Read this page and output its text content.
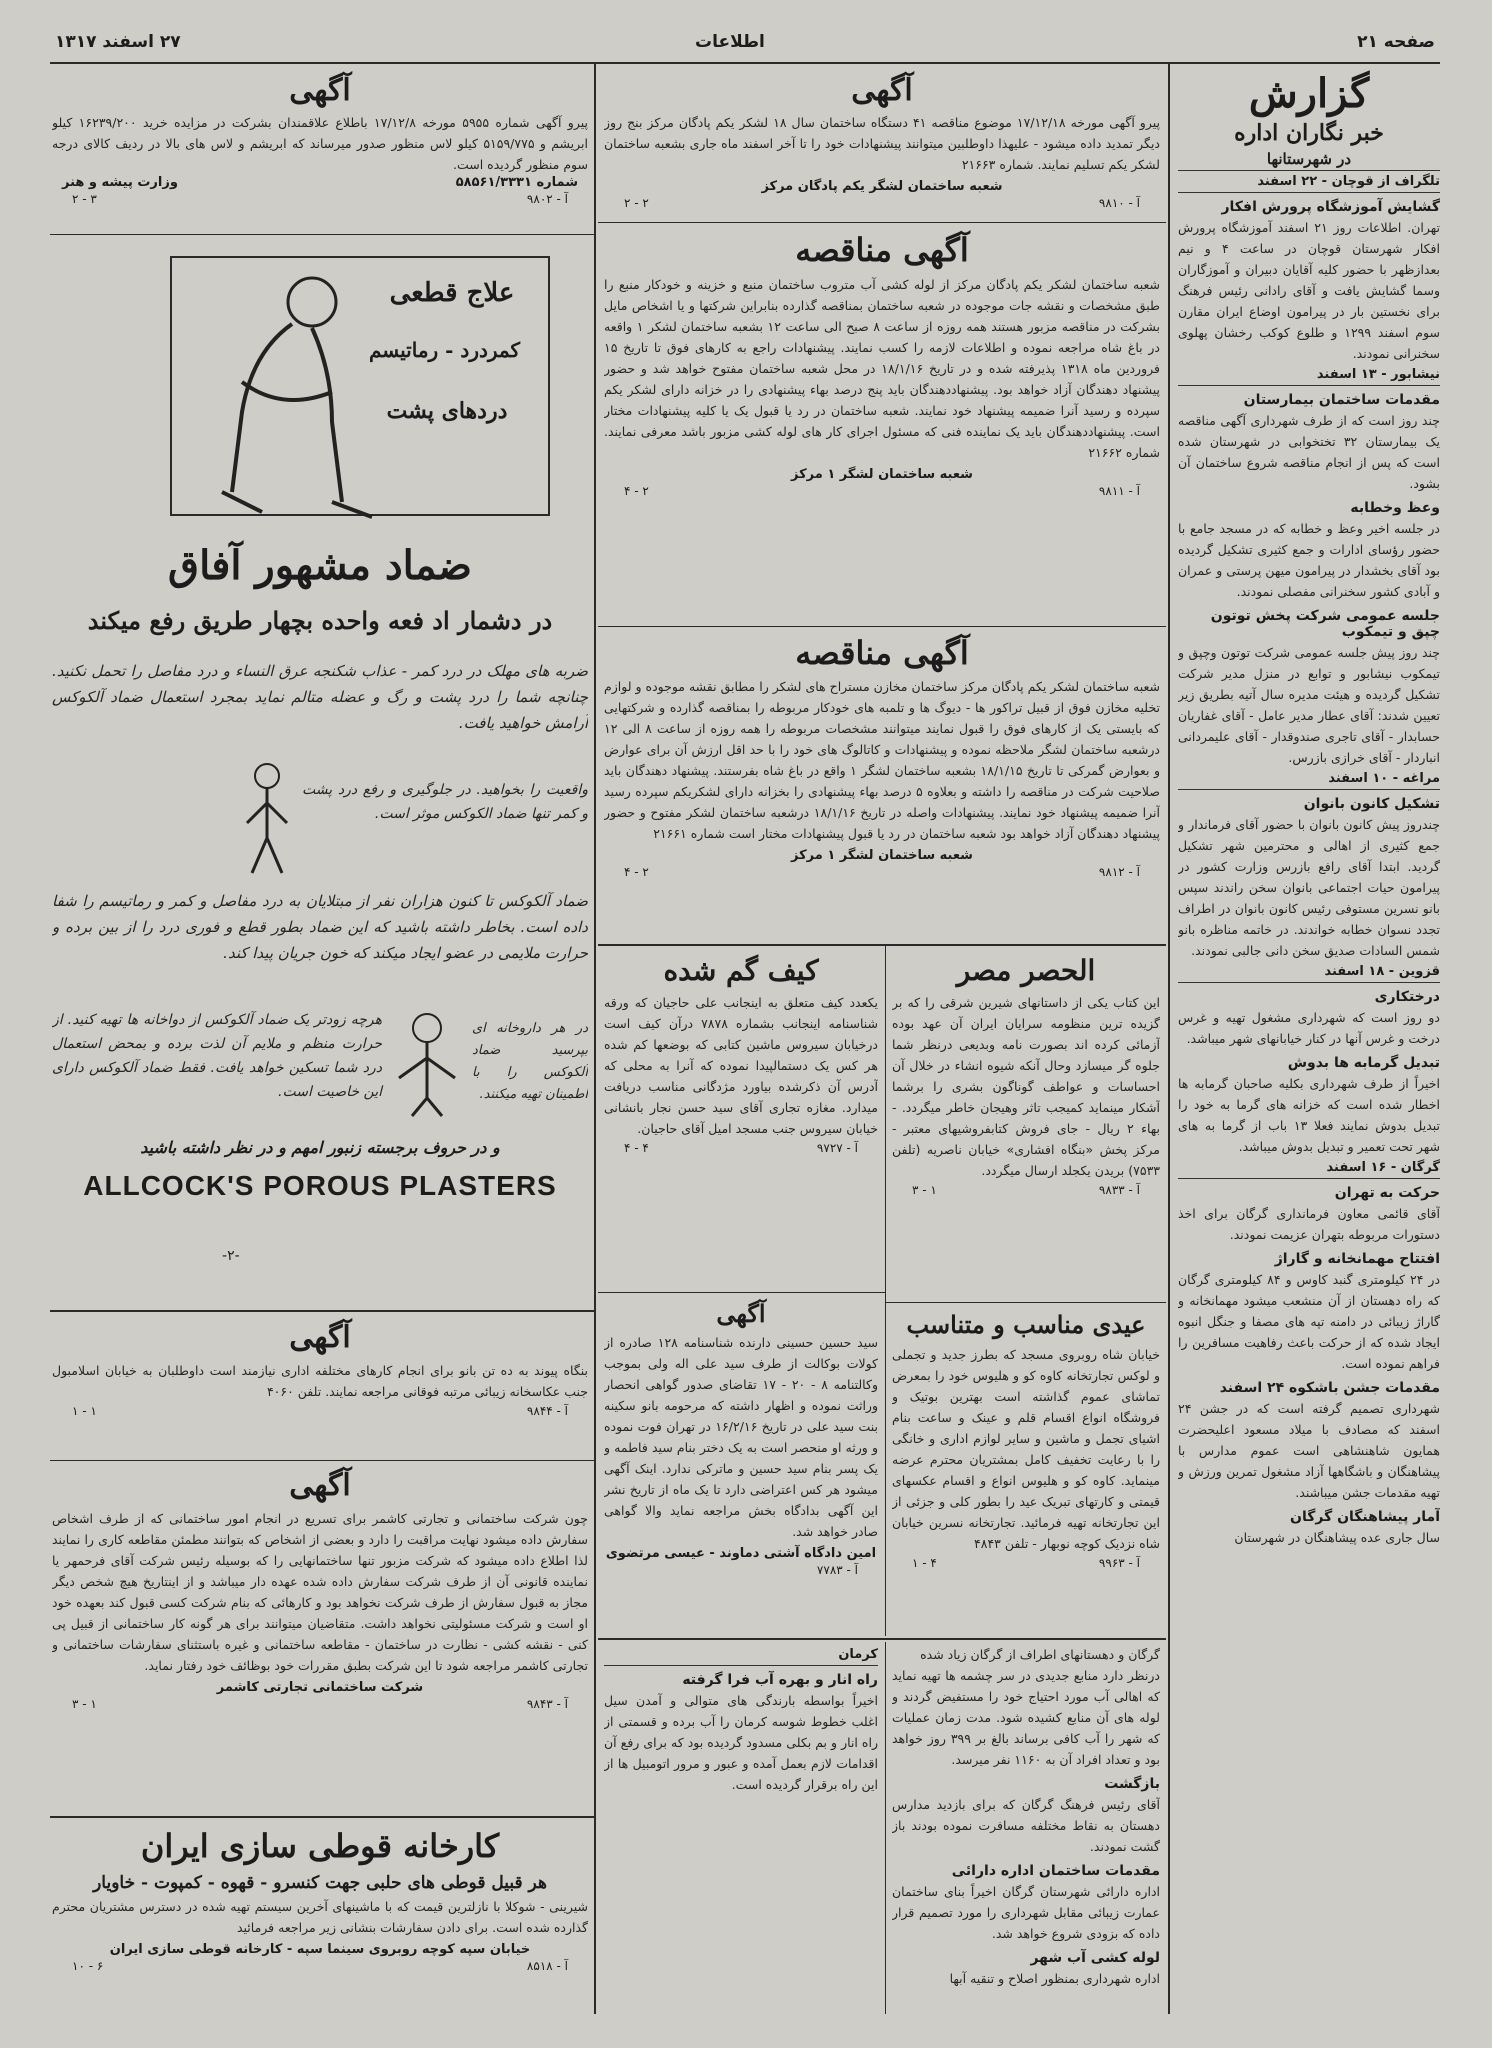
صفحه ۲۱
اطلاعات
۲۷ اسفند ۱۳۱۷
گزارش
خبر نگاران اداره
در شهرستانها
تلگراف از قوچان - ۲۲ اسفند
گشایش آموزشگاه پرورش افکار
تهران. اطلاعات روز ۲۱ اسفند آموزشگاه پرورش افکار شهرستان قوچان در ساعت ۴ و نیم بعدازظهر با حضور کلیه آقایان دبیران و آموزگاران وسما گشایش یافت و آقای رادانی رئیس فرهنگ برای نخستین بار در پیرامون اوضاع ایران مقارن سوم اسفند ۱۲۹۹ و طلوع کوکب رخشان پهلوی سخنرانی نمودند.
نیشابور - ۱۳ اسفند
مقدمات ساختمان بیمارستان
چند روز است که از طرف شهرداری آگهی مناقصه یک بیمارستان ۳۲ تختخوابی در شهرستان شده است که پس از انجام مناقصه شروع ساختمان آن بشود.
وعظ وخطابه
در جلسه اخیر وعظ و خطابه که در مسجد جامع با حضور رؤسای ادارات و جمع کثیری تشکیل گردیده بود آقای بخشدار در پیرامون میهن پرستی و عمران و آبادی کشور سخنرانی مفصلی نمودند.
جلسه عمومی شرکت پخش توتون چپق و تیمکوب
چند روز پیش جلسه عمومی شرکت توتون وچپق و تیمکوب نیشابور و توابع در منزل مدیر شرکت تشکیل گردیده و هیئت مدیره سال آتیه بطریق زیر تعیین شدند: آقای عطار مدیر عامل - آقای غفاریان حسابدار - آقای تاجری صندوقدار - آقای علیمردانی انباردار - آقای خرازی بازرس.
مراغه - ۱۰ اسفند
تشکیل کانون بانوان
چندروز پیش کانون بانوان با حضور آقای فرماندار و جمع کثیری از اهالی و محترمین شهر تشکیل گردید. ابتدا آقای رافع بازرس وزارت کشور در پیرامون حیات اجتماعی بانوان سخن راندند سپس بانو نسرین مستوفی رئیس کانون بانوان در اطراف تجدد نسوان خطابه خواندند. در خاتمه مناظره بانو شمس السادات صدیق سخن دانی جالبی نمودند.
قزوین - ۱۸ اسفند
درختکاری
دو روز است که شهرداری مشغول تهیه و غرس درخت و غرس آنها در کنار خیابانهای شهر میباشد.
تبدیل گرمابه ها بدوش
اخیراً از طرف شهرداری بکلیه صاحبان گرمابه ها اخطار شده است که خزانه های گرما به خود را تبدیل بدوش نمایند فعلا ۱۳ باب از گرما به های شهر تحت تعمیر و تبدیل بدوش میباشد.
گرگان - ۱۶ اسفند
حرکت به تهران
آقای قائمی معاون فرمانداری گرگان برای اخذ دستورات مربوطه بتهران عزیمت نمودند.
افتتاح مهمانخانه و گاراژ
در ۲۴ کیلومتری گنبد کاوس و ۸۴ کیلومتری گرگان که راه دهستان از آن منشعب میشود مهمانخانه و گاراژ زیبائی در دامنه تپه های مصفا و جنگل انبوه ایجاد شده که از حرکت باعث رفاهیت مسافرین را فراهم نموده است.
مقدمات جشن باشکوه ۲۴ اسفند
شهرداری تصمیم گرفته است که در جشن ۲۴ اسفند که مصادف با میلاد مسعود اعلیحضرت همایون شاهنشاهی است عموم مدارس با پیشاهنگان و باشگاهها آزاد مشغول تمرین ورزش و تهیه مقدمات جشن میباشند.
آمار پیشاهنگان گرگان
سال جاری عده پیشاهنگان در شهرستان
آگهی
پیرو آگهی مورخه ۱۷/۱۲/۱۸ موضوع مناقصه ۴۱ دستگاه ساختمان سال ۱۸ لشکر یکم پادگان مرکز بنج روز دیگر تمدید داده میشود - علیهذا داوطلبین میتوانند پیشنهادات خود را تا آخر اسفند ماه جاری بشعبه ساختمان لشکر یکم تسلیم نمایند. شماره ۲۱۶۶۳
شعبه ساختمان لشگر یکم پادگان مرکز
آ - ۹۸۱۰
۲ - ۲
آگهی مناقصه
شعبه ساختمان لشکر یکم پادگان مرکز از لوله کشی آب متروب ساختمان منبع و خزینه و خودکار منبع را طبق مشخصات و نقشه جات موجوده در شعبه ساختمان بمناقصه گذارده بنابراین شرکتها و یا اشخاص مایل بشرکت در مناقصه مزبور هستند همه روزه از ساعت ۸ صبح الی ساعت ۱۲ بشعبه ساختمان لشکر ۱ واقعه در باغ شاه مراجعه نموده و اطلاعات لازمه را کسب نمایند. پیشنهادات راجع به کارهای فوق تا تاریخ ۱۵ فروردین ماه ۱۳۱۸ پذیرفته شده و در تاریخ ۱۸/۱/۱۶ در محل شعبه ساختمان مفتوح خواهد شد و حضور پیشنهاد دهندگان آزاد خواهد بود. پیشنهاددهندگان باید پنج درصد بهاء پیشنهادی را در خزانه دارای لشکر یکم سپرده و رسید آنرا ضمیمه پیشنهاد خود نمایند. شعبه ساختمان در رد یا قبول یک یا کلیه پیشنهادات مختار است. پیشنهاددهندگان باید یک نماینده فنی که مسئول اجرای کار های لوله کشی مزبور باشد معرفی نمایند. شماره ۲۱۶۶۲
شعبه ساختمان لشگر ۱ مرکز
آ - ۹۸۱۱
۲ - ۴
آگهی مناقصه
شعبه ساختمان لشکر یکم پادگان مرکز ساختمان مخازن مستراح های لشکر را مطابق نقشه موجوده و لوازم تخلیه مخازن فوق از قبیل تراکور ها - دیوگ ها و تلمبه های خودکار مربوطه را بمناقصه گذارده و شرکتهایی که بایستی یک از کارهای فوق را قبول نمایند میتوانند مشخصات مربوطه را همه روزه از ساعت ۸ الی ۱۲ درشعبه ساختمان لشگر ملاحظه نموده و پیشنهادات و کاتالوگ های خود را با حد اقل ارزش آن برای عوارض و بعوارض گمرکی تا تاریخ ۱۸/۱/۱۵ بشعبه ساختمان لشگر ۱ واقع در باغ شاه بفرستند. پیشنهاد دهندگان باید صلاحیت شرکت در مناقصه را داشته و بعلاوه ۵ درصد بهاء پیشنهادی را بخزانه دارای لشکریکم سپرده رسید آنرا ضمیمه پیشنهاد خود نمایند. پیشنهادات واصله در تاریخ ۱۸/۱/۱۶ درشعبه ساختمان لشکر مفتوح و حضور پیشنهاد دهندگان آزاد خواهد بود شعبه ساختمان در رد یا قبول پیشنهادات مختار است شماره ۲۱۶۶۱
شعبه ساختمان لشگر ۱ مرکز
آ - ۹۸۱۲
۲ - ۴
الحصر مصر
این کتاب یکی از داستانهای شیرین شرقی را که بر گزیده ترین منظومه سرایان ایران آن عهد بوده آزمائی کرده اند بصورت نامه وبدیعی درنظر شما جلوه گر میسازد وحال آنکه شیوه انشاء در خلال آن احساسات و عواطف گوناگون بشری را برشما آشکار مینماید کمیجب تاثر وهیجان خاطر میگردد. - بهاء ۲ ریال - جای فروش کتابفروشیهای معتبر - مرکز پخش «بنگاه افشاری» خیابان ناصریه (تلفن ۷۵۳۳) بریدن یکجلد ارسال میگردد.
آ - ۹۸۳۳
۱ - ۳
عیدی مناسب و متناسب
خیابان شاه روبروی مسجد که بطرز جدید و تجملی و لوکس تجارتخانه کاوه کو و هلیوس خود را بمعرض تماشای عموم گذاشته است بهترین بوتیک و فروشگاه انواع اقسام قلم و عینک و ساعت بنام اشیای تجمل و ماشین و سایر لوازم اداری و خانگی را با رعایت تخفیف کامل بمشتریان محترم عرضه مینماید. کاوه کو و هلیوس انواع و اقسام عکسهای قیمتی و کارتهای تبریک عید را بطور کلی و جزئی از این تجارتخانه تهیه فرمائید. تجارتخانه نسرین خیابان شاه نزدیک کوچه نوبهار - تلفن ۴۸۴۳
آ - ۹۹۶۳
۴ - ۱
کیف گم شده
یکعدد کیف متعلق به اینجانب علی حاجیان که ورقه شناسنامه اینجانب بشماره ۷۸۷۸ درآن کیف است درخیابان سیروس ماشین کتابی که بوضعها کم شده هر کس یک دستمالپیدا نموده که آنرا به محلی که آدرس آن ذکرشده بیاورد مژدگانی مناسب دریافت میدارد. مغازه تجاری آقای سید حسن نجار بانشانی خیابان سیروس جنب مسجد امیل آقای حاجیان.
آ - ۹۷۲۷
۴ - ۴
آگهی
سید حسین حسینی دارنده شناسنامه ۱۲۸ صادره از کولات بوکالت از طرف سید علی اله ولی بموجب وکالتنامه ۸ - ۲۰ - ۱۷ تقاضای صدور گواهی انحصار وراثت نموده و اظهار داشته که مرحومه بانو سکینه بنت سید علی در تاریخ ۱۶/۲/۱۶ در تهران فوت نموده و ورثه او منحصر است به یک دختر بنام سید فاطمه و یک پسر بنام سید حسین و ماترکی ندارد. اینک آگهی میشود هر کس اعتراضی دارد تا یک ماه از تاریخ نشر این آگهی بدادگاه بخش مراجعه نماید والا گواهی صادر خواهد شد.
امین دادگاه آشتی دماوند - عیسی مرتضوی
آ - ۷۷۸۳
گرگان و دهستانهای اطراف از گرگان زیاد شده
درنظر دارد منابع جدیدی در سر چشمه ها تهیه نماید که اهالی آب مورد احتیاج خود را مستفیض گردند و لوله های آن منابع کشیده شود. مدت زمان عملیات که شهر را آب کافی برساند بالغ بر ۳۹۹ روز خواهد بود و تعداد افراد آن به ۱۱۶۰ نفر میرسد.
بازگشت
آقای رئیس فرهنگ گرگان که برای بازدید مدارس دهستان به نقاط مختلفه مسافرت نموده بودند باز گشت نمودند.
مقدمات ساختمان اداره دارائی
اداره دارائی شهرستان گرگان اخیراً بنای ساختمان عمارت زیبائی مقابل شهرداری را مورد تصمیم قرار داده که بزودی شروع خواهد شد.
لوله کشی آب شهر
اداره شهرداری بمنظور اصلاح و تنقیه آبها
کرمان
راه انار و بهره آب فرا گرفته
اخیراً بواسطه بارندگی های متوالی و آمدن سیل اغلب خطوط شوسه کرمان را آب برده و قسمتی از راه انار و بم بکلی مسدود گردیده بود که برای رفع آن اقدامات لازم بعمل آمده و عبور و مرور اتومبیل ها از این راه برقرار گردیده است.
آگهی
پیرو آگهی شماره ۵۹۵۵ مورخه ۱۷/۱۲/۸ باطلاع علاقمندان بشرکت در مزایده خرید ۱۶۲۳۹/۲۰۰ کیلو ابریشم و ۵۱۵۹/۷۷۵ کیلو لاس منظور صدور میرساند که ابریشم و لاس های بالا در ردیف کالای درجه سوم منظور گردیده است.
شماره ۵۸۵۶۱/۳۳۳۱
وزارت پیشه و هنر
آ - ۹۸۰۲
۳ - ۲
علاج قطعی
کمردرد - رماتیسم
دردهای پشت
ضماد مشهور آفاق
در دشمار اد فعه واحده بچهار طریق رفع میکند
ضربه های مهلک در درد کمر - عذاب شکنجه عرق النساء و درد مفاصل را تحمل نکنید. چنانچه شما را درد پشت و رگ و عضله متالم نماید بمجرد استعمال ضماد آلکوکس آرامش خواهید یافت.
واقعیت را بخواهید. در جلوگیری و رفع درد پشت و کمر تنها ضماد الکوکس موثر است.
ضماد آلکوکس تا کنون هزاران نفر از مبتلایان به درد مفاصل و کمر و رماتیسم را شفا داده است. بخاطر داشته باشید که این ضماد بطور قطع و فوری درد را از بین برده و حرارت ملایمی در عضو ایجاد میکند که خون جریان پیدا کند.
هرچه زودتر یک ضماد آلکوکس از دواخانه ها تهیه کنید. از حرارت منظم و ملایم آن لذت برده و بمحض استعمال درد شما تسکین خواهد یافت. فقط ضماد آلکوکس دارای این خاصیت است.
در هر داروخانه ای بپرسید ضماد آلکوکس را با اطمینان تهیه میکنند.
و در حروف برجسته زنبور امهم و در نظر داشته باشید
ALLCOCK'S POROUS PLASTERS
-۲-
آگهی
بنگاه پیوند به ده تن بانو برای انجام کارهای مختلفه اداری نیازمند است داوطلبان به خیابان اسلامبول جنب عکاسخانه زیبائی مرتبه فوقانی مراجعه نمایند. تلفن ۴۰۶۰
آ - ۹۸۴۴
۱ - ۱
آگهی
چون شرکت ساختمانی و تجارتی کاشمر برای تسریع در انجام امور ساختمانی که از طرف اشخاص سفارش داده میشود نهایت مراقبت را دارد و بعضی از اشخاص که بتوانند مطمئن مقاطعه کاری را نمایند لذا اطلاع داده میشود که شرکت مزبور تنها ساختمانهایی را که بوسیله رئیس شرکت آقای فرحمهر یا نماینده قانونی آن از طرف شرکت سفارش داده شده عهده دار میباشد و از اینتاریخ هیچ شخص دیگر مجاز به قبول سفارش از طرف شرکت نخواهد بود و کارهائی که بنام شرکت کسی قبول کند بعهده خود او است و شرکت مسئولیتی نخواهد داشت. متقاضیان میتوانند برای هر گونه کار ساختمانی از قبیل پی کنی - نقشه کشی - نظارت در ساختمان - مقاطعه ساختمانی و غیره باستثنای سفارشات ساختمانی و تجارتی کاشمر مراجعه شود تا این شرکت بطبق مقررات خود بوظائف خود رفتار نماید.
شرکت ساختمانی تجارتی کاشمر
آ - ۹۸۴۳
۱ - ۳
کارخانه قوطی سازی ایران
هر قبیل قوطی های حلبی جهت کنسرو - قهوه - کمپوت - خاویار
شیرینی - شوکلا با نازلترین قیمت که با ماشینهای آخرین سیستم تهیه شده در دسترس مشتریان محترم گذارده شده است. برای دادن سفارشات بنشانی زیر مراجعه فرمائید
خیابان سپه کوچه روبروی سینما سپه - کارخانه قوطی سازی ایران
آ - ۸۵۱۸
۶ - ۱۰
